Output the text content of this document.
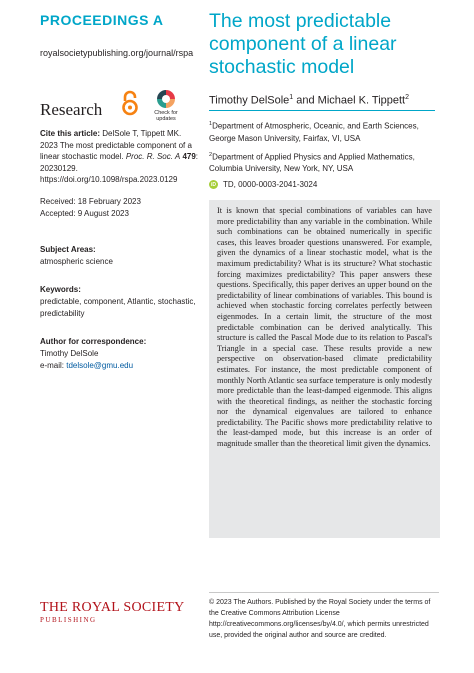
PROCEEDINGS A
royalsocietypublishing.org/journal/rspa
Research	Check for
updates
Cite this article: DelSole T, Tippett MK. 2023 The most predictable component of a linear stochastic model. Proc. R. Soc. A 479: 20230129. https://doi.org/10.1098/rspa.2023.0129
Received: 18 February 2023
Accepted: 9 August 2023
Subject Areas:
atmospheric science
Keywords:
predictable, component, Atlantic, stochastic, predictability
Author for correspondence:
Timothy DelSole
e-mail: tdelsole@gmu.edu
THE ROYAL SOCIETY
PUBLISHING
The most predictable component of a linear stochastic model
Timothy DelSole$^1$ and Michael K. Tippett$^2$
$^1$Department of Atmospheric, Oceanic, and Earth Sciences, George Mason University, Fairfax, VI, USA
$^2$Department of Applied Physics and Applied Mathematics, Columbia University, New York, NY, USA
iD TD, 0000-0003-2041-3024
It is known that special combinations of variables can have more predictability than any variable in the combination. While such combinations can be obtained numerically in specific cases, this leaves broader questions unanswered. For example, given the dynamics of a linear stochastic model, what is the maximum predictability? What is its structure? What stochastic forcing maximizes predictability? This paper answers these questions. Specifically, this paper derives an upper bound on the predictability of linear combinations of variables. This bound is achieved when stochastic forcing correlates perfectly between eigenmodes. In a certain limit, the structure of the most predictable combination can be derived analytically. This structure is called the Pascal Mode due to its relation to Pascal's Triangle in a special case. These results provide a new perspective on observation-based climate predictability estimates. For instance, the most predictable component of monthly North Atlantic sea surface temperature is only modestly more predictable than the least-damped eigenmode. This aligns with the theoretical findings, as neither the stochastic forcing nor the dynamical eigenvalues are tailored to enhance predictability. The Pacific shows more predictability relative to the least-damped mode, but this increase is an order of magnitude smaller than the theoretical limit given the dynamics.
© 2023 The Authors. Published by the Royal Society under the terms of the Creative Commons Attribution License http://creativecommons.org/licenses/by/4.0/, which permits unrestricted use, provided the original author and source are credited.
